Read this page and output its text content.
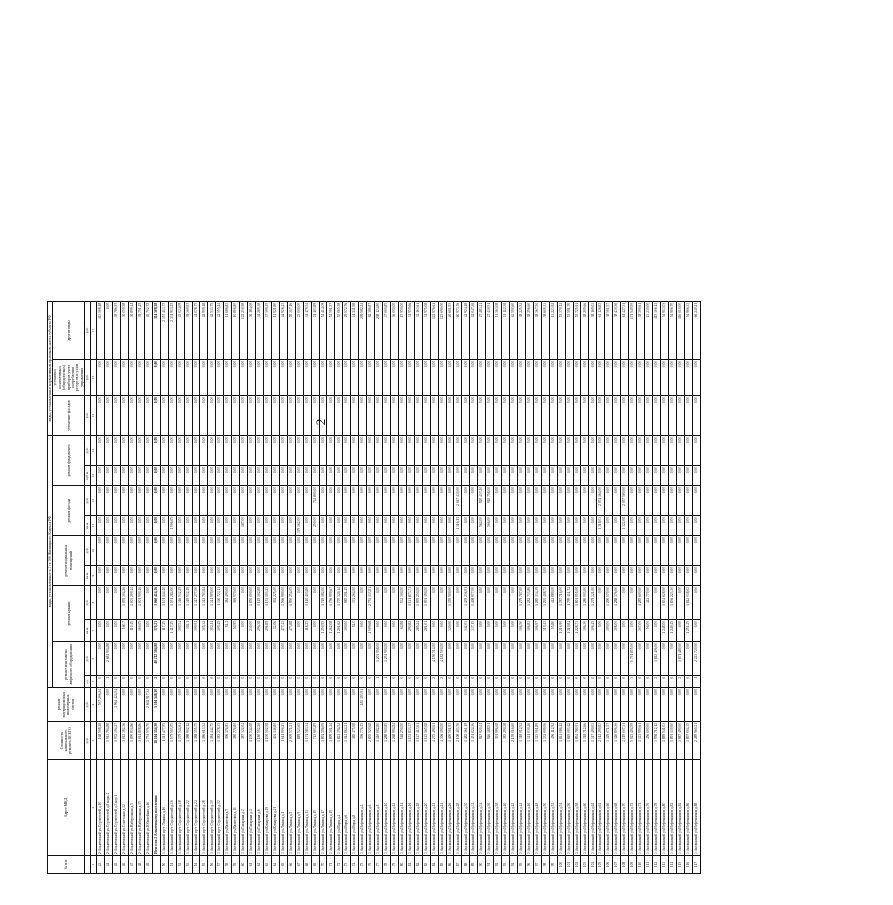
2
№ п/п	Адрес МКД	Стоимость капитального ремонта ВСЕГО	ремонт внутридомовых инженерных систем	виды, установленные ч.1 ст.166 Жилищного Кодекса РФ										виды, установленные нормативным правовым актом субъекта РФ		
				ремонт или замена лифтового оборудования		ремонт крыши		ремонт подвальных помещений		ремонт фасада		ремонт фундамента		утепление фасадов	установка коллективных (общедомовых) приборов учета потребления ресурсов и узлов управления	другие виды
		руб.	руб.	ед.	руб.	кв.м.	руб.	кв.м.	руб.	кв.м.	руб.	куб.м.	руб.	руб.	руб.	руб.
1	2	3	4	5	6	7	8	9	10	11	12	13	14	15	16	17
43	2 Альменский ул.Строителей д.10	168 508,28	537 206,24	0	0,00	0,00	0,00	0,00	0,00	0,00	0,00	0,00	0,00	0,00	0,00	113 508,48
44	2 Альменский ул.Строителей д.8 корп.4	1 913 704,88	0,00	1	2 681 904,88	0,00	0,00	0,00	0,00	0,00	0,00	0,00	0,00	0,00	0,00	0,00
45	2 Альменский ул.Строителей д.3 кор.1	1 972 394,27	1 964 424,54	0	0,00	0,00	0,00	0,00	0,00	0,00	0,00	0,00	0,00	0,00	0,00	38 786,55
46	2 Альменский ул.Советская д.12	1 012 392,36	0,00	0	0,00	160,7	1 055 304,26	0,00	0,00	0,00	0,00	0,00	0,00	0,00	0,00	30 059,58
47	2 Альменский ул.Набережная д.5	1 090 834,86	0,00	0	0,00	110,45	1 003 209,44	0,00	0,00	0,00	0,00	0,00	0,00	0,00	0,00	30 899,44
48	2 Альменский ул.Набережная д.15	1 014 808,86	0,00	0	0,00	160,05	1 001 900,46	0,00	0,00	0,00	0,00	0,00	0,00	0,00	0,00	39 751,25
49	2 Альменский ул.Юбилейная д.16	3 751 576,70	2 602 917,32	0	0,00	0,00	0,00	0,00	0,00	0,00	0,00	0,00	0,00	0,00	0,00	45 702,72
	Итого по 2 Альменскому поселению	18 104 154,30	5 104 548,10	2	40 212 504,88	370,21	3 060 414,16	0,00	0,00	0,00	0,00	0,00	0,00	0,00	0,00	314 508,58
50	3 Акташский пр-т Ленина д.16	1 111 477,95	0,00	0	0,00	117,25	1 101 144,40	0,00	0,00	0,00	0,00	0,00	0,00	0,00	0,00	2 357 413,73
51	3 Акташский пр-т Строителей д.16	1 575 593,05	0,00	0	0,00	1 417,25	1 551 284,00	0,00	0,00	1 506,05	0,00	0,00	0,00	0,00	0,00	2 331 913,25
52	3 Акташский пр-т Строителей д.18	1 379 544,61	0,00	0	0,00	300,54	1 346 532,29	0,00	0,00	0,00	0,00	0,00	0,00	0,00	0,00	43 024,09
53	3 Акташский пр-т Строителей д.22	1 388 902,12	0,00	0	0,00	302,1	1 349 532,19	0,00	0,00	0,00	0,00	0,00	0,00	0,00	0,00	39 369,93
54	3 Акташский пр-т Строителей д.24	1 388 355,75	0,00	0	0,00	300,91	1 347 277,00	0,00	0,00	0,00	0,00	0,00	0,00	0,00	0,00	41 078,75
55	3 Акташский пр-т Строителей д.28	1 386 613,32	0,00	0	0,00	305,32	1 343 703,84	0,00	0,00	0,00	0,00	0,00	0,00	0,00	0,00	42 909,48
56	3 Акташский пр-т Строителей д.30	1 384 442,75	0,00	0	0,00	302,11	1 341 909,00	0,00	0,00	0,00	0,00	0,00	0,00	0,00	0,00	42 533,75
57	3 Акташский пр-т Строителей д.32	1 383 278,35	0,00	0	0,00	300,45	1 340 723,11	0,00	0,00	0,00	0,00	0,00	0,00	0,00	0,00	42 555,24
58	3 Акташский ул.Вахитова д.5	396 176,83	0,00	0	0,00	52,1	384 490,00	0,00	0,00	0,00	0,00	0,00	0,00	0,00	0,00	11 686,83
59	3 Акташский ул.Вахитова д.11	380 776,80	0,00	0	0,00	50,95	369 970,00	0,00	0,00	0,00	0,00	0,00	0,00	0,00	0,00	10 806,80
60	3 Акташский ул.Гагарина д.2	387 322,04	0,00	0	0,00	0,00	0,00	0,00	0,00	187,00	0,00	0,00	0,00	0,00	0,00	122 250,98
61	3 Акташский ул.Гагарина д.4	1 190 544,08	0,00	0	0,00	230,00	1 050 000,00	0,00	0,00	0,00	0,00	0,00	0,00	0,00	0,00	36 184,08
62	3 Акташский ул.Гагарина д.6	1 180 592,26	0,00	0	0,00	296,38	1 149 302,88	0,00	0,00	0,00	0,00	0,00	0,00	0,00	0,00	34 289,38
63	3 Акташский ул.Комарова д.19	1 190 502,58	0,00	0	0,00	296,89	1 153 103,23	0,00	0,00	0,00	0,00	0,00	0,00	0,00	0,00	37 399,35
64	3 Акташский ул.Комарова д.21	404 146,80	0,00	0	0,00	32,06	392 225,00	0,00	0,00	0,00	0,00	0,00	0,00	0,00	0,00	11 921,80
65	3 Акташский ул.Ленина д.1	1 611 906,23	0,00	0	0,00	477,43	1 566 980,00	0,00	0,00	0,00	0,00	0,00	0,00	0,00	0,00	44 926,23
66	3 Акташский ул.Ленина д.5	2 009 571,21	0,00	0	0,00	473,88	1 950 254,05	0,00	0,00	0,00	0,00	0,00	0,00	0,00	0,00	59 317,16
67	3 Акташский ул.Ленина д.9	889 523,65	0,00	0	0,00	0,00	0,00	0,00	0,00	379 362,00	0,00	0,00	0,00	0,00	0,00	23 000,00
68	3 Акташский ул.Ленина д.13	1 174 583,34	0,00	0	0,00	118,25	1 140 403,80	0,00	0,00	0,00	0,00	0,00	0,00	0,00	0,00	34 179,54
69	3 Акташский ул.Ленина д.15	743 903,89	0,00	0	0,00	0,00	0,00	0,00	0,00	250,00	722 800,00	0,00	0,00	0,00	0,00	21 103,89
70	3 Акташский ул.Ленина д.17	1 801 596,09	0,00	0	0,00	1 250,95	1 749 182,00	0,00	0,00	0,00	0,00	0,00	0,00	0,00	0,00	52 414,09
71	3 Акташский ул.Ленина д.19	1 809 501,24	0,00	0	0,00	1 262,08	1 756 909,67	0,00	0,00	0,00	0,00	0,00	0,00	0,00	0,00	52 591,57
72	3 Акташский ул.Мира д.4	1 823 394,52	0,00	0	0,00	1 261,62	1 770 329,14	0,00	0,00	0,00	0,00	0,00	0,00	0,00	0,00	53 065,38
73	3 Акташский ул.Мира д.6	1 014 864,21	0,00	0	0,00	300,00	985 291,45	0,00	0,00	0,00	0,00	0,00	0,00	0,00	0,00	29 572,76
74	3 Акташский ул.Мира д.8	385 475,98	0,00	0	0,00	52,0	374 264,00	0,00	0,00	0,00	0,00	0,00	0,00	0,00	0,00	11 211,98
75	3 Акташский ул.Нефтяников д.4	396 776,15	183 193,91	0	0,00	0,00	0,00	0,00	0,00	0,00	0,00	0,00	0,00	0,00	0,00	209 582,24
76	3 Акташский ул.Нефтяников д.6	2 835 520,68	0,00	0	0,00	1 509,68	2 753 133,81	0,00	0,00	0,00	0,00	0,00	0,00	0,00	0,00	82 386,87
77	3 Акташский ул.Нефтяников д.8	1 410 082,80	0,00	1	1 201 958,00	0,00	0,00	0,00	0,00	0,00	0,00	0,00	0,00	0,00	0,00	208 124,80
78	3 Акташский ул.Нефтяников д.10	1 288 900,85	0,00	1	1 251 900,00	0,00	0,00	0,00	0,00	0,00	0,00	0,00	0,00	0,00	0,00	37 000,85
79	3 Акташский ул.Нефтяников д.12	1 268 994,84	0,00	0	0,00	0,00	0,00	0,00	0,00	0,00	0,00	0,00	0,00	0,00	0,00	36 000,00
80	3 Акташский ул.Нефтяников д.14	548 250,00	0,00	0	0,00	62,88	532 300,00	0,00	0,00	0,00	0,00	0,00	0,00	0,00	0,00	15 950,00
81	3 Акташский ул.Нефтяников д.16	1 153 833,37	0,00	0	0,00	290,82	1 121 873,71	0,00	0,00	0,00	0,00	0,00	0,00	0,00	0,00	31 959,66
82	3 Акташский ул.Нефтяников д.18	1 127 413,61	0,00	0	0,00	285,24	1 095 250,00	0,00	0,00	0,00	0,00	0,00	0,00	0,00	0,00	32 163,61
83	3 Акташский ул.Нефтяников д.20	1 123 165,08	0,00	0	0,00	281,01	1 091 190,00	0,00	0,00	0,00	0,00	0,00	0,00	0,00	0,00	31 975,08
84	3 Акташский ул.Нефтяников д.22	4 273 490,61	0,00	2	4 150 514,00	0,00	0,00	0,00	0,00	0,00	0,00	0,00	0,00	0,00	0,00	122 976,61
85	3 Акташский ул.Нефтяников д.24	4 306 190,00	0,00	2	4 182 500,00	0,00	0,00	0,00	0,00	0,00	0,00	0,00	0,00	0,00	0,00	123 690,00
86	3 Акташский ул.Нефтяников д.26	1 400 501,93	0,00	0	0,00	320,00	1 359 900,00	0,00	0,00	0,00	0,00	0,00	0,00	0,00	0,00	40 601,93
87	3 Акташский ул.Нефтяников д.28	2 108 403,76	0,00	0	0,00	0,00	0,00	0,00	0,00	1 316,15	2 047 430,00	0,00	0,00	0,00	0,00	60 973,76
88	3 Акташский ул.Нефтяников д.30	1 482 161,19	0,00	0	0,00	342,03	1 439 236,91	0,00	0,00	0,00	0,00	0,00	0,00	0,00	0,00	42 924,28
89	3 Акташский ул.Нефтяников д.32	1 451 024,36	0,00	0	0,00	337,15	1 408 977,00	0,00	0,00	0,00	0,00	0,00	0,00	0,00	0,00	42 047,36
90	3 Акташский ул.Нефтяников д.34	947 920,41	0,00	0	0,00	0,00	0,00	0,00	0,00	562,00	920 437,20	0,00	0,00	0,00	0,00	27 483,21
91	3 Акташский ул.Нефтяников д.36	946 188,51	0,00	0	0,00	0,00	0,00	0,00	0,00	566,00	918 758,00	0,00	0,00	0,00	0,00	27 430,51
92	3 Акташский ул.Нефтяников д.38	391 996,08	0,00	0	0,00	0,00	0,00	0,00	0,00	0,00	0,00	0,00	0,00	0,00	0,00	11 363,08
93	3 Акташский ул.Нефтяников д.40	383 290,38	0,00	0	0,00	0,00	0,00	0,00	0,00	0,00	0,00	0,00	0,00	0,00	0,00	11 112,38
94	3 Акташский ул.Нефтяников д.42	2 159 016,60	0,00	0	0,00	0,00	0,00	0,00	0,00	0,00	0,00	0,00	0,00	0,00	0,00	62 590,60
95	3 Акташский ул.Нефтяников д.44	1 318 012,52	0,00	0	0,00	306,50	1 279 787,00	0,00	0,00	0,00	0,00	0,00	0,00	0,00	0,00	38 225,52
96	3 Акташский ул.Нефтяников д.46	1 321 030,46	0,00	0	0,00	306,83	1 282 733,86	0,00	0,00	0,00	0,00	0,00	0,00	0,00	0,00	38 296,60
97	3 Акташский ул.Нефтяников д.48	1 323 501,89	0,00	0	0,00	306,97	1 285 134,39	0,00	0,00	0,00	0,00	0,00	0,00	0,00	0,00	38 367,50
98	3 Акташский ул.Нефтяников д.50	1 332 009,06	0,00	0	0,00	310,43	1 293 408,73	0,00	0,00	0,00	0,00	0,00	0,00	0,00	0,00	38 600,33
99	3 Акташский ул.Нефтяников д.52	456 112,92	0,00	0	0,00	55,80	442 889,00	0,00	0,00	0,00	0,00	0,00	0,00	0,00	0,00	13 223,92
100	3 Акташский ул.Нефтяников д.54	1 841 086,12	0,00	0	0,00	1 216,90	1 787 716,00	0,00	0,00	0,00	0,00	0,00	0,00	0,00	0,00	53 370,12
101	3 Акташский ул.Нефтяников д.56	1 849 003,42	0,00	0	0,00	1 219,84	1 795 411,72	0,00	0,00	0,00	0,00	0,00	0,00	0,00	0,00	53 591,70
102	3 Акташский ул.Нефтяников д.58	1 854 780,91	0,00	0	0,00	1 228,73	1 801 055,00	0,00	0,00	0,00	0,00	0,00	0,00	0,00	0,00	53 725,91
103	3 Акташский ул.Нефтяников д.60	1 318 712,66	0,00	0	0,00	306,30	1 280 503,00	0,00	0,00	0,00	0,00	0,00	0,00	0,00	0,00	38 209,66
104	3 Акташский ул.Нефтяников д.62	1 317 490,03	0,00	0	0,00	306,45	1 279 321,00	0,00	0,00	0,00	0,00	0,00	0,00	0,00	0,00	38 169,03
105	3 Акташский ул.Нефтяников д.64	2 112 290,83	0,00	0	0,00	0,00	0,00	0,00	0,00	1 318,03	2 051 164,00	0,00	0,00	0,00	0,00	61 126,83
106	3 Акташский ул.Нефтяников д.66	1 329 071,57	0,00	0	0,00	309,00	1 290 570,00	0,00	0,00	0,00	0,00	0,00	0,00	0,00	0,00	38 501,57
107	3 Акташский ул.Нефтяников д.68	1 326 806,36	0,00	0	0,00	308,00	1 288 376,00	0,00	0,00	0,00	0,00	0,00	0,00	0,00	0,00	38 430,36
108	3 Акташский ул.Нефтяников д.70	2 119 007,31	0,00	0	0,00	0,00	0,00	0,00	0,00	1 322,08	2 057 580,00	0,00	0,00	0,00	0,00	61 427,31
109	3 Акташский ул.Нефтяников д.72	5 923 404,59	0,00	3	5 751 855,00	0,00	0,00	0,00	0,00	0,00	0,00	0,00	0,00	0,00	0,00	171 549,59
110	3 Акташский ул.Нефтяников д.74	1 323 990,61	0,00	0	0,00	307,00	1 285 600,00	0,00	0,00	0,00	0,00	0,00	0,00	0,00	0,00	38 390,61
111	3 Акташский ул.Нефтяников д.76	456 000,00	0,00	0	0,00	56,00	442 770,00	0,00	0,00	0,00	0,00	0,00	0,00	0,00	0,00	13 230,00
112	3 Акташский ул.Нефтяников д.78	3 958 712,12	0,00	2	3 843 406,00	0,00	0,00	0,00	0,00	0,00	0,00	0,00	0,00	0,00	0,00	115 306,12
113	3 Акташский ул.Нефтяников д.80	1 889 541,03	0,00	0	0,00	1 248,00	1 834 628,00	0,00	0,00	0,00	0,00	0,00	0,00	0,00	0,00	54 913,03
114	3 Акташский ул.Нефтяников д.82	1 891 130,00	0,00	0	0,00	1 249,45	1 836 223,30	0,00	0,00	0,00	0,00	0,00	0,00	0,00	0,00	54 906,70
115	3 Акташский ул.Нефтяников д.84	3 987 490,00	0,00	2	3 871 480,00	0,00	0,00	0,00	0,00	0,00	0,00	0,00	0,00	0,00	0,00	116 010,00
116	3 Акташский ул.Нефтяников д.86	1 897 004,35	0,00	0	0,00	1 251,25	1 842 038,02	0,00	0,00	0,00	0,00	0,00	0,00	0,00	0,00	54 966,33
117	3 Акташский ул.Нефтяников д.88	2 289 960,21	0,00	1	2 223 720,00	0,00	0,00	0,00	0,00	0,00	0,00	0,00	0,00	0,00	0,00	66 240,21
